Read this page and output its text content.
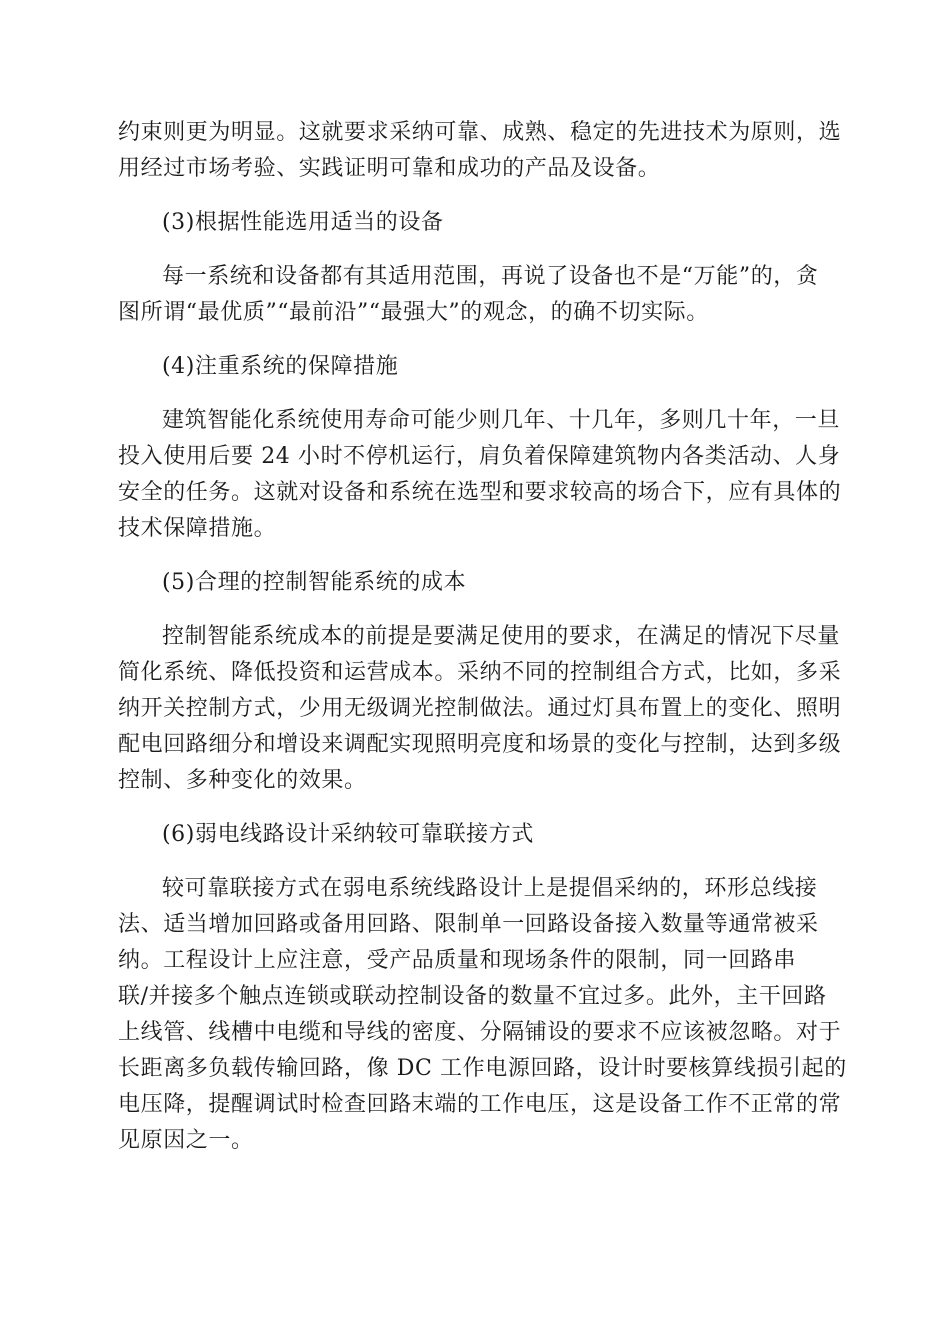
约束则更为明显。这就要求采纳可靠、成熟、稳定的先进技术为原则，选
用经过市场考验、实践证明可靠和成功的产品及设备。
(3)根据性能选用适当的设备
每一系统和设备都有其适用范围，再说了设备也不是“万能”的，贪
图所谓“最优质”“最前沿”“最强大”的观念，的确不切实际。
(4)注重系统的保障措施
建筑智能化系统使用寿命可能少则几年、十几年，多则几十年，一旦
投入使用后要 24 小时不停机运行，肩负着保障建筑物内各类活动、人身
安全的任务。这就对设备和系统在选型和要求较高的场合下，应有具体的
技术保障措施。
(5)合理的控制智能系统的成本
控制智能系统成本的前提是要满足使用的要求，在满足的情况下尽量
简化系统、降低投资和运营成本。采纳不同的控制组合方式，比如，多采
纳开关控制方式，少用无级调光控制做法。通过灯具布置上的变化、照明
配电回路细分和增设来调配实现照明亮度和场景的变化与控制，达到多级
控制、多种变化的效果。
(6)弱电线路设计采纳较可靠联接方式
较可靠联接方式在弱电系统线路设计上是提倡采纳的，环形总线接
法、适当增加回路或备用回路、限制单一回路设备接入数量等通常被采
纳。工程设计上应注意，受产品质量和现场条件的限制，同一回路串
联/并接多个触点连锁或联动控制设备的数量不宜过多。此外，主干回路
上线管、线槽中电缆和导线的密度、分隔铺设的要求不应该被忽略。对于
长距离多负载传输回路，像 DC 工作电源回路，设计时要核算线损引起的
电压降，提醒调试时检查回路末端的工作电压，这是设备工作不正常的常
见原因之一。
